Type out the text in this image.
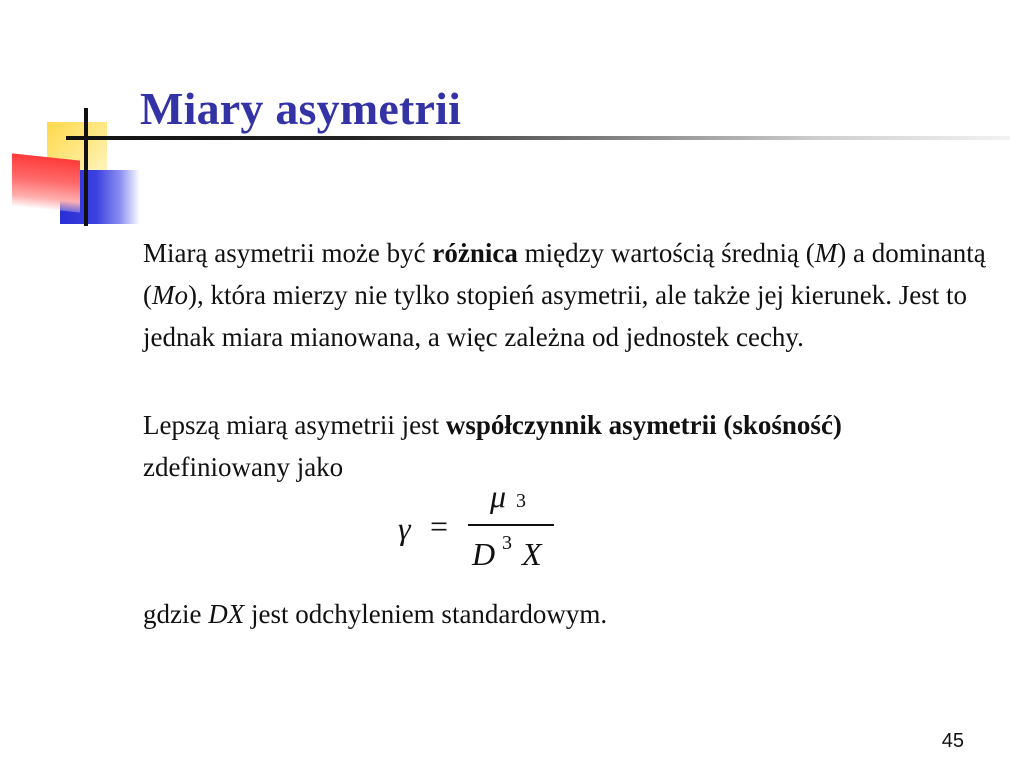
Miary asymetrii
Miarą asymetrii może być różnica między wartością średnią (M) a dominantą (Mo), która mierzy nie tylko stopień asymetrii, ale także jej kierunek. Jest to jednak miara mianowana, a więc zależna od jednostek cechy.
Lepszą miarą asymetrii jest współczynnik asymetrii (skośność) zdefiniowany jako
γ =
μ 3
D 3 X
gdzie DX jest odchyleniem standardowym.
45
